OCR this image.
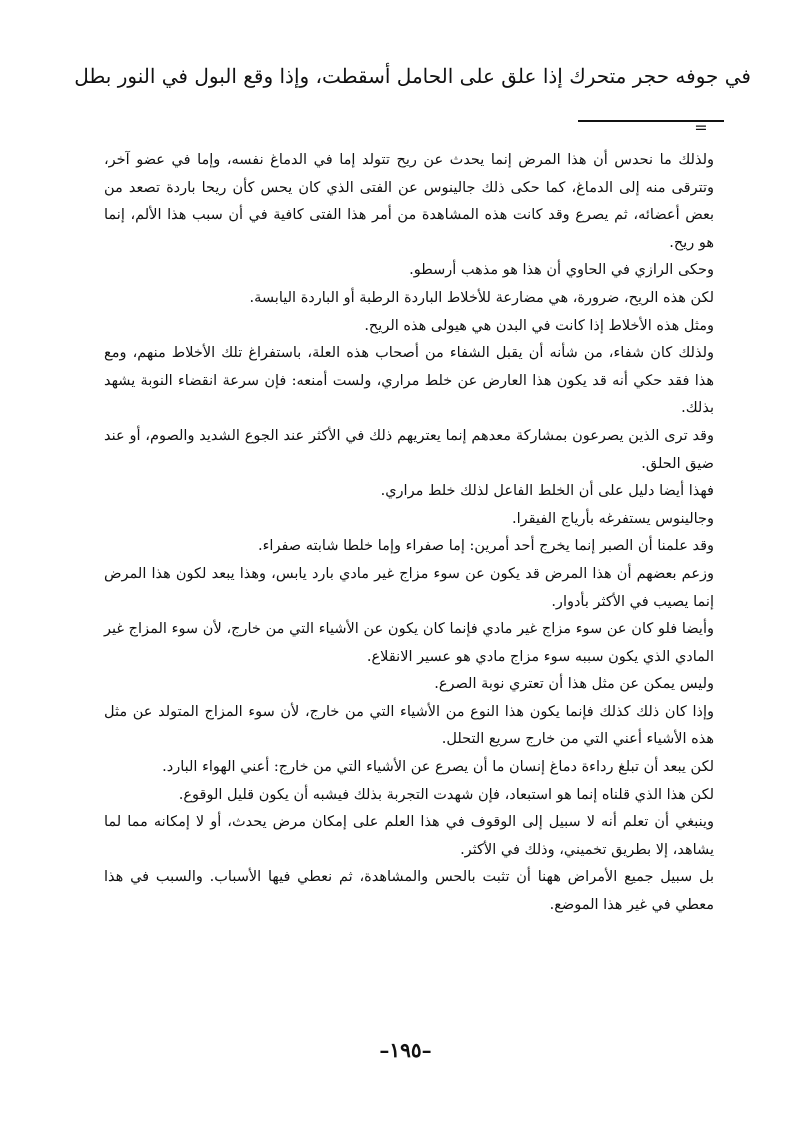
في جوفه حجر متحرك إذا علق على الحامل أسقطت، وإذا وقع البول في النور بطل
=

ولذلك ما نحدس أن هذا المرض إنما يحدث عن ريح تتولد إما في الدماغ نفسه، وإما في عضو آخر، وتترقى منه إلى الدماغ، كما حكى ذلك جالينوس عن الفتى الذي كان يحس كأن ريحا باردة تصعد من بعض أعضائه، ثم يصرع وقد كانت هذه المشاهدة من أمر هذا الفتى كافية في أن سبب هذا الألم، إنما هو ريح.

وحكى الرازي في الحاوي أن هذا هو مذهب أرسطو.

لكن هذه الريح، ضرورة، هي مضارعة للأخلاط الباردة الرطبة أو الباردة اليابسة.

ومثل هذه الأخلاط إذا كانت في البدن هي هيولى هذه الريح.

ولذلك كان شفاء، من شأنه أن يقبل الشفاء من أصحاب هذه العلة، باستفراغ تلك الأخلاط منهم، ومع هذا فقد حكي أنه قد يكون هذا العارض عن خلط مراري، ولست أمنعه: فإن سرعة انقضاء النوبة يشهد بذلك.

وقد ترى الذين يصرعون بمشاركة معدهم إنما يعتريهم ذلك في الأكثر عند الجوع الشديد والصوم، أو عند ضيق الحلق.

فهذا أيضا دليل على أن الخلط الفاعل لذلك خلط مراري.

وجالينوس يستفرغه بأرياج الفيقرا.

وقد علمنا أن الصبر إنما يخرج أحد أمرين: إما صفراء وإما خلطا شابته صفراء.

وزعم بعضهم أن هذا المرض قد يكون عن سوء مزاج غير مادي بارد يابس، وهذا يبعد لكون هذا المرض إنما يصيب في الأكثر بأدوار.

وأيضا فلو كان عن سوء مزاج غير مادي فإنما كان يكون عن الأشياء التي من خارج، لأن سوء المزاج غير المادي الذي يكون سببه سوء مزاج مادي هو عسير الانقلاع.

وليس يمكن عن مثل هذا أن تعتري نوبة الصرع.

وإذا كان ذلك كذلك فإنما يكون هذا النوع من الأشياء التي من خارج، لأن سوء المزاج المتولد عن مثل هذه الأشياء أعني التي من خارج سريع التحلل.

لكن يبعد أن تبلغ رداءة دماغ إنسان ما أن يصرع عن الأشياء التي من خارج: أعني الهواء البارد.

لكن هذا الذي قلناه إنما هو استبعاد، فإن شهدت التجربة بذلك فيشبه أن يكون قليل الوقوع.

وينبغي أن تعلم أنه لا سبيل إلى الوقوف في هذا العلم على إمكان مرض يحدث، أو لا إمكانه مما لما يشاهد، إلا بطريق تخميني، وذلك في الأكثر.

بل سبيل جميع الأمراض ههنا أن تثبت بالحس والمشاهدة، ثم نعطي فيها الأسباب. والسبب في هذا معطي في غير هذا الموضع.

–١٩٥–
